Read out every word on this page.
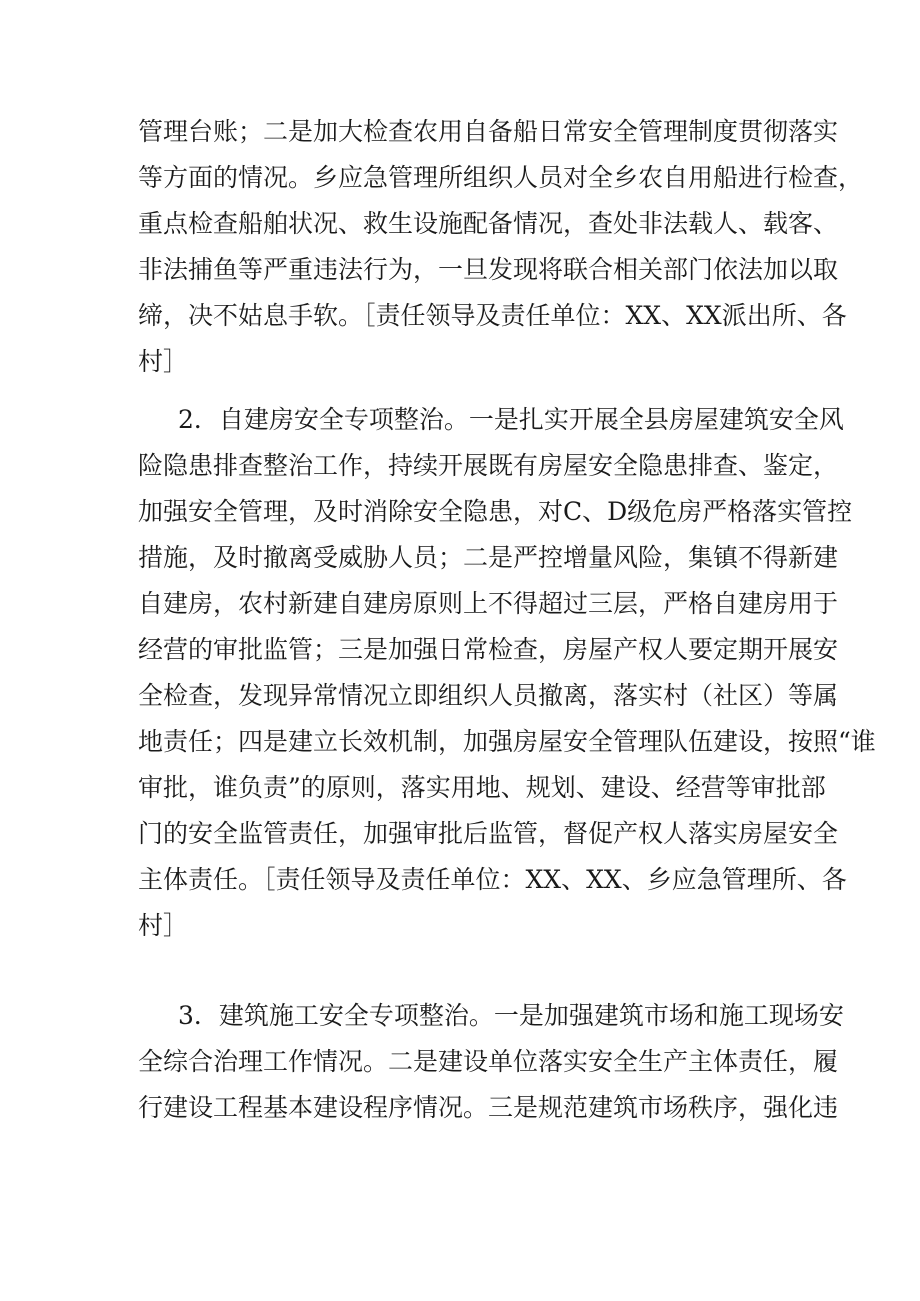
管理台账；二是加大检查农用自备船日常安全管理制度贯彻落实
等方面的情况。乡应急管理所组织人员对全乡农自用船进行检查，
重点检查船舶状况、救生设施配备情况，查处非法载人、载客、
非法捕鱼等严重违法行为，一旦发现将联合相关部门依法加以取
缔，决不姑息手软。［责任领导及责任单位：XX、XX派出所、各
村］
2．自建房安全专项整治。一是扎实开展全县房屋建筑安全风
险隐患排查整治工作，持续开展既有房屋安全隐患排查、鉴定，
加强安全管理，及时消除安全隐患，对C、D级危房严格落实管控
措施，及时撤离受威胁人员；二是严控增量风险，集镇不得新建
自建房，农村新建自建房原则上不得超过三层，严格自建房用于
经营的审批监管；三是加强日常检查，房屋产权人要定期开展安
全检查，发现异常情况立即组织人员撤离，落实村（社区）等属
地责任；四是建立长效机制，加强房屋安全管理队伍建设，按照“谁
审批，谁负责”的原则，落实用地、规划、建设、经营等审批部
门的安全监管责任，加强审批后监管，督促产权人落实房屋安全
主体责任。［责任领导及责任单位：XX、XX、乡应急管理所、各
村］
3．建筑施工安全专项整治。一是加强建筑市场和施工现场安
全综合治理工作情况。二是建设单位落实安全生产主体责任，履
行建设工程基本建设程序情况。三是规范建筑市场秩序，强化违
